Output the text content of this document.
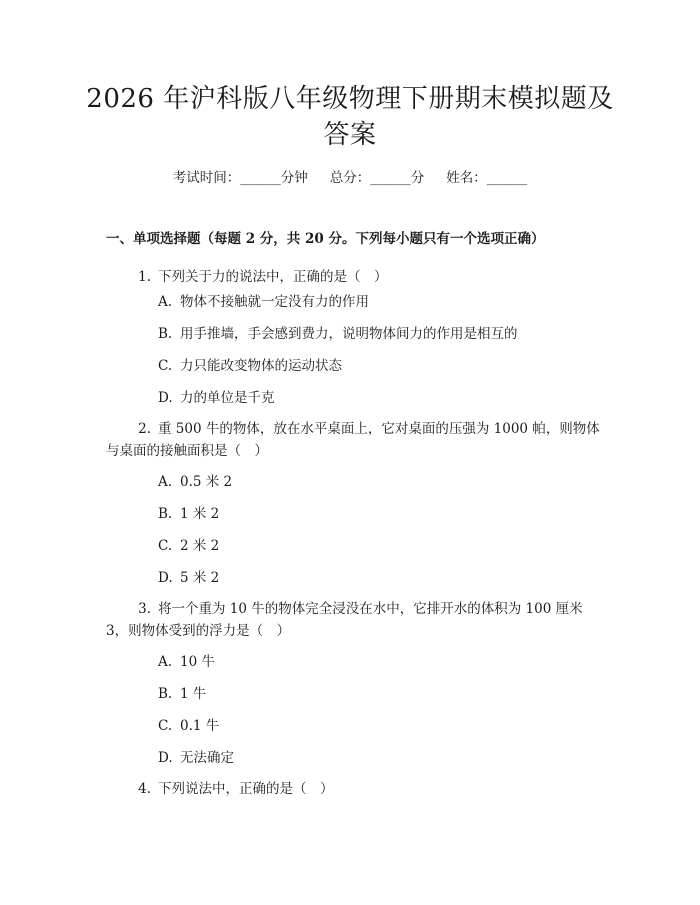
2026 年沪科版八年级物理下册期末模拟题及
答案
考试时间：______分钟 总分：______分 姓名：______
一、单项选择题（每题 2 分，共 20 分。下列每小题只有一个选项正确）
1. 下列关于力的说法中，正确的是（　）
A. 物体不接触就一定没有力的作用
B. 用手推墙，手会感到费力，说明物体间力的作用是相互的
C. 力只能改变物体的运动状态
D. 力的单位是千克
2. 重 500 牛的物体，放在水平桌面上，它对桌面的压强为 1000 帕，则物体与桌面的接触面积是（　）
A. 0.5 米 2
B. 1 米 2
C. 2 米 2
D. 5 米 2
3. 将一个重为 10 牛的物体完全浸没在水中，它排开水的体积为 100 厘米 3，则物体受到的浮力是（　）
A. 10 牛
B. 1 牛
C. 0.1 牛
D. 无法确定
4. 下列说法中，正确的是（　）
